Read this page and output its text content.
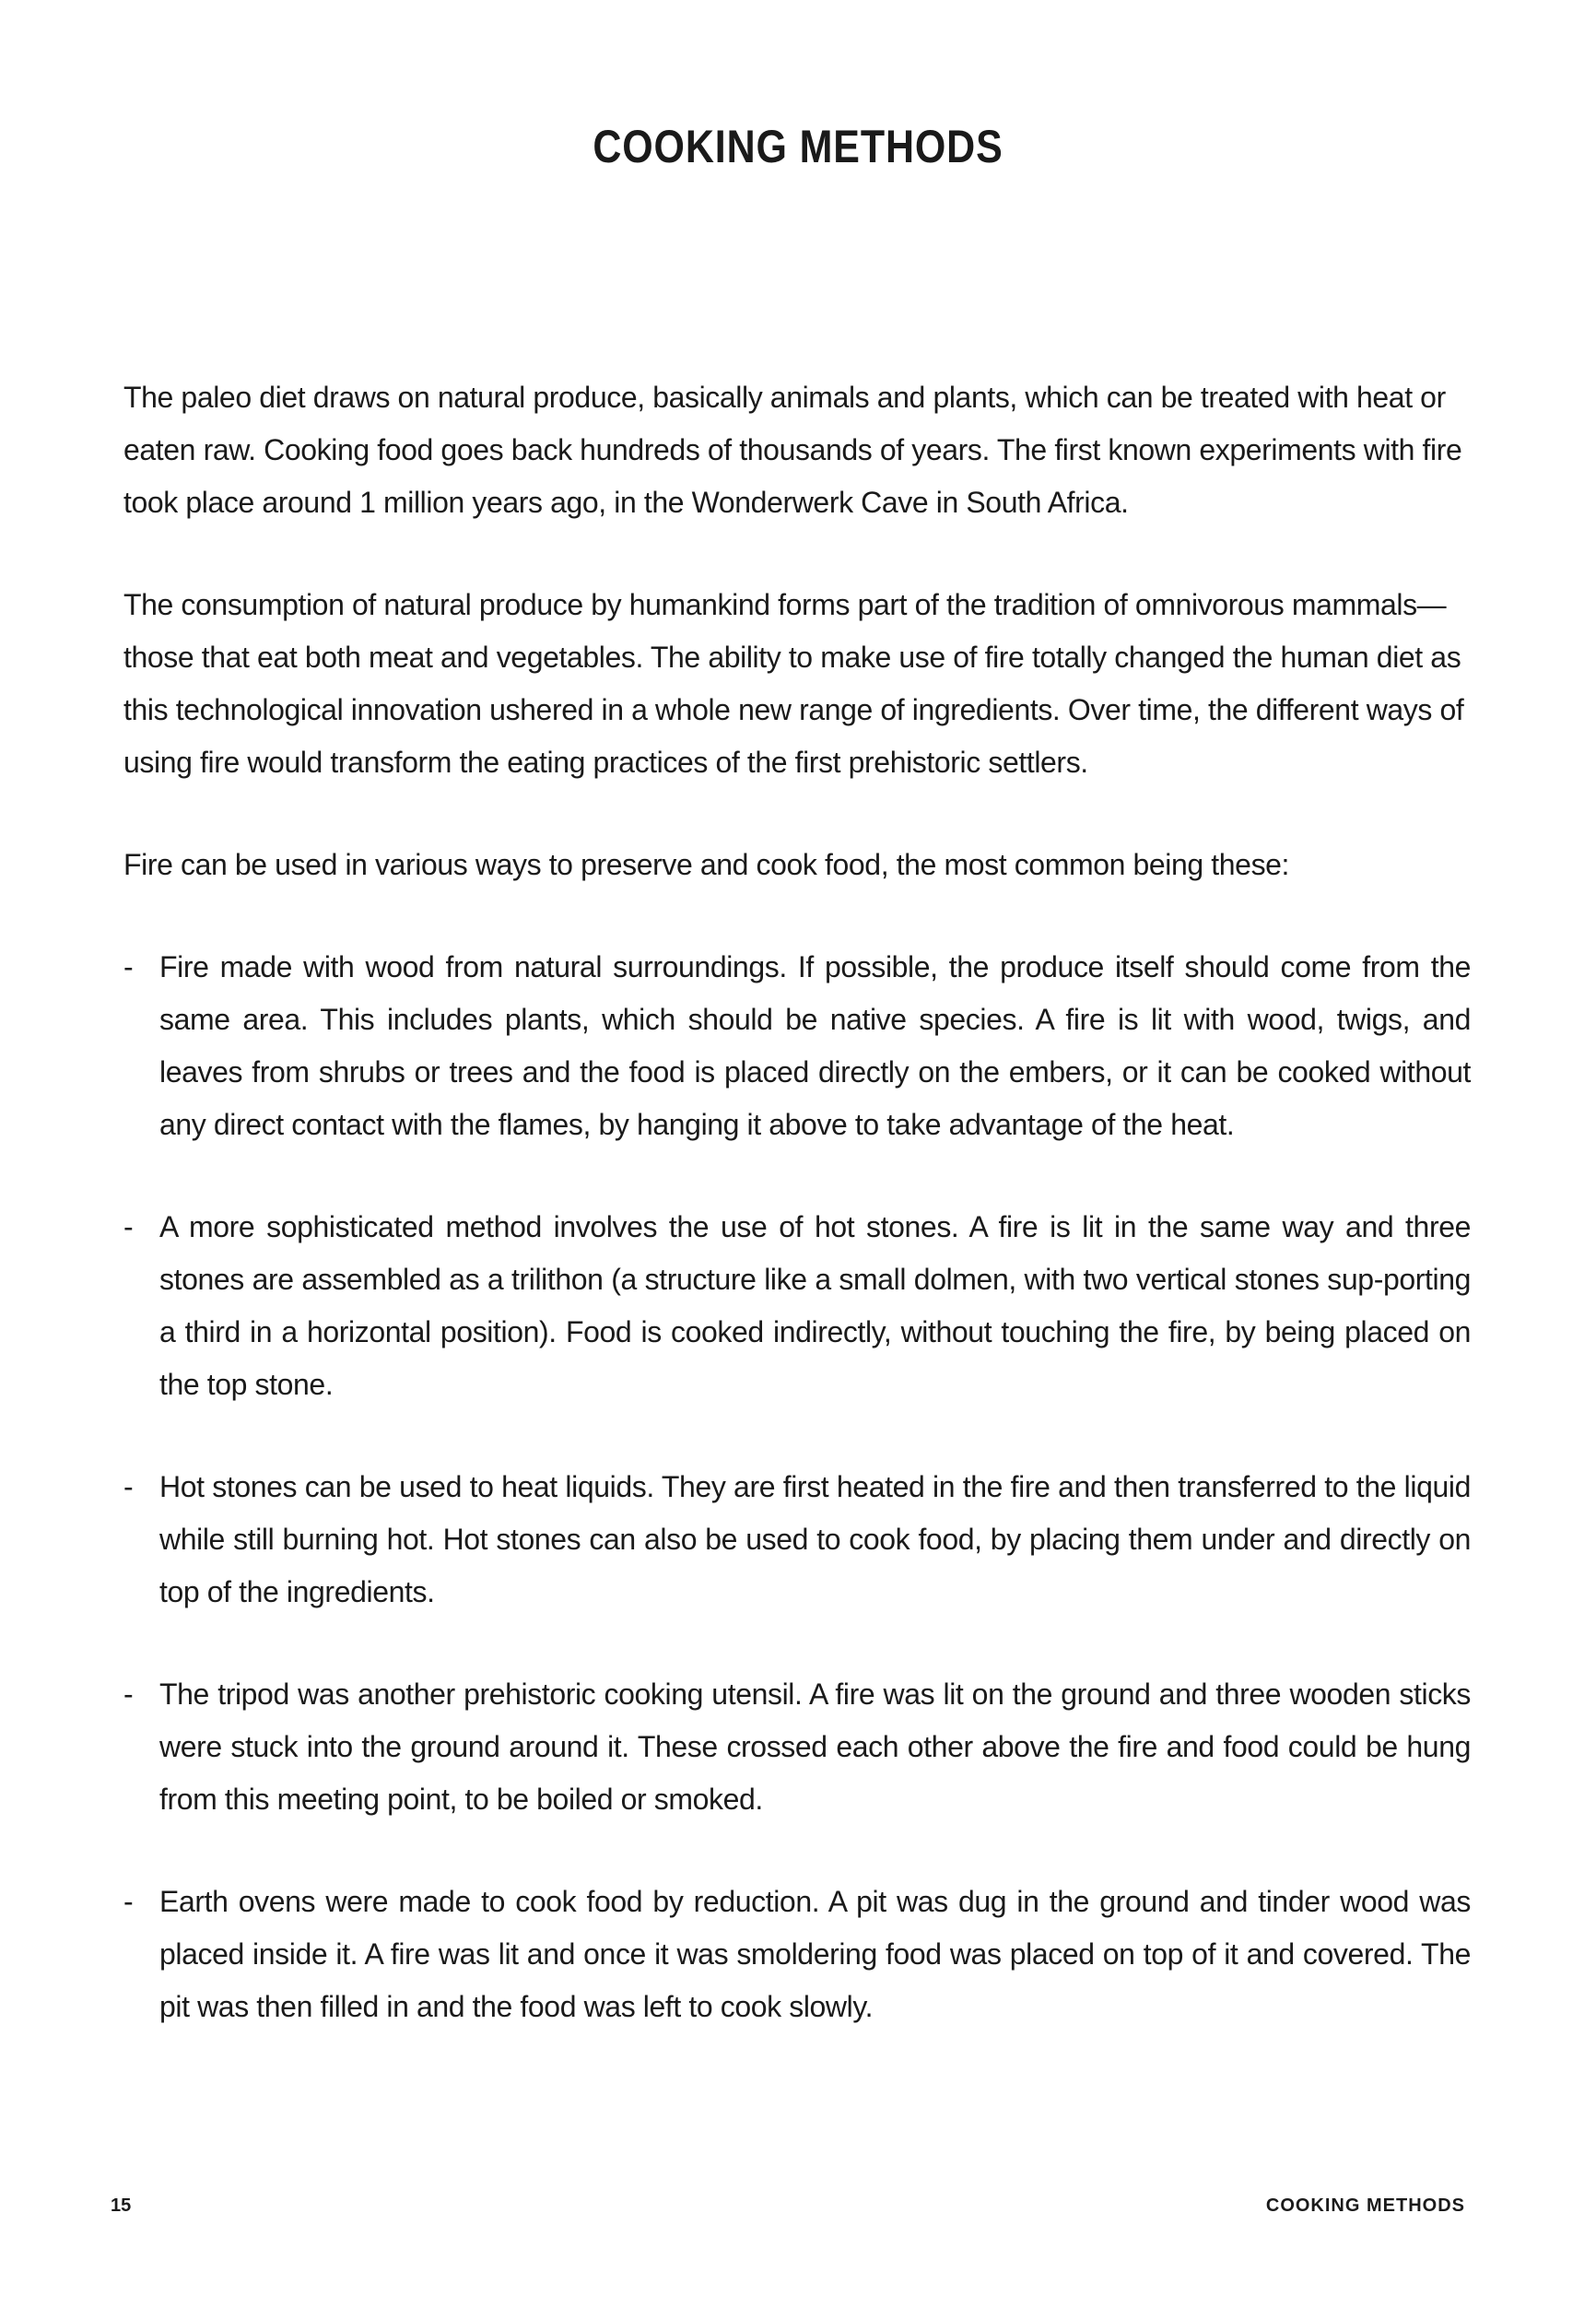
COOKING METHODS

The paleo diet draws on natural produce, basically animals and plants, which can be treated with heat or eaten raw. Cooking food goes back hundreds of thousands of years. The first known experiments with fire took place around 1 million years ago, in the Wonderwerk Cave in South Africa.

The consumption of natural produce by humankind forms part of the tradition of omnivorous mammals—those that eat both meat and vegetables. The ability to make use of fire totally changed the human diet as this technological innovation ushered in a whole new range of ingredients. Over time, the different ways of using fire would transform the eating practices of the first prehistoric settlers.

Fire can be used in various ways to preserve and cook food, the most common being these:

- Fire made with wood from natural surroundings. If possible, the produce itself should come from the same area. This includes plants, which should be native species. A fire is lit with wood, twigs, and leaves from shrubs or trees and the food is placed directly on the embers, or it can be cooked without any direct contact with the flames, by hanging it above to take advantage of the heat.
- A more sophisticated method involves the use of hot stones. A fire is lit in the same way and three stones are assembled as a trilithon (a structure like a small dolmen, with two vertical stones sup-porting a third in a horizontal position). Food is cooked indirectly, without touching the fire, by being placed on the top stone.
- Hot stones can be used to heat liquids. They are first heated in the fire and then transferred to the liquid while still burning hot. Hot stones can also be used to cook food, by placing them under and directly on top of the ingredients.
- The tripod was another prehistoric cooking utensil. A fire was lit on the ground and three wooden sticks were stuck into the ground around it. These crossed each other above the fire and food could be hung from this meeting point, to be boiled or smoked.
- Earth ovens were made to cook food by reduction. A pit was dug in the ground and tinder wood was placed inside it. A fire was lit and once it was smoldering food was placed on top of it and covered. The pit was then filled in and the food was left to cook slowly.
15	COOKING METHODS
